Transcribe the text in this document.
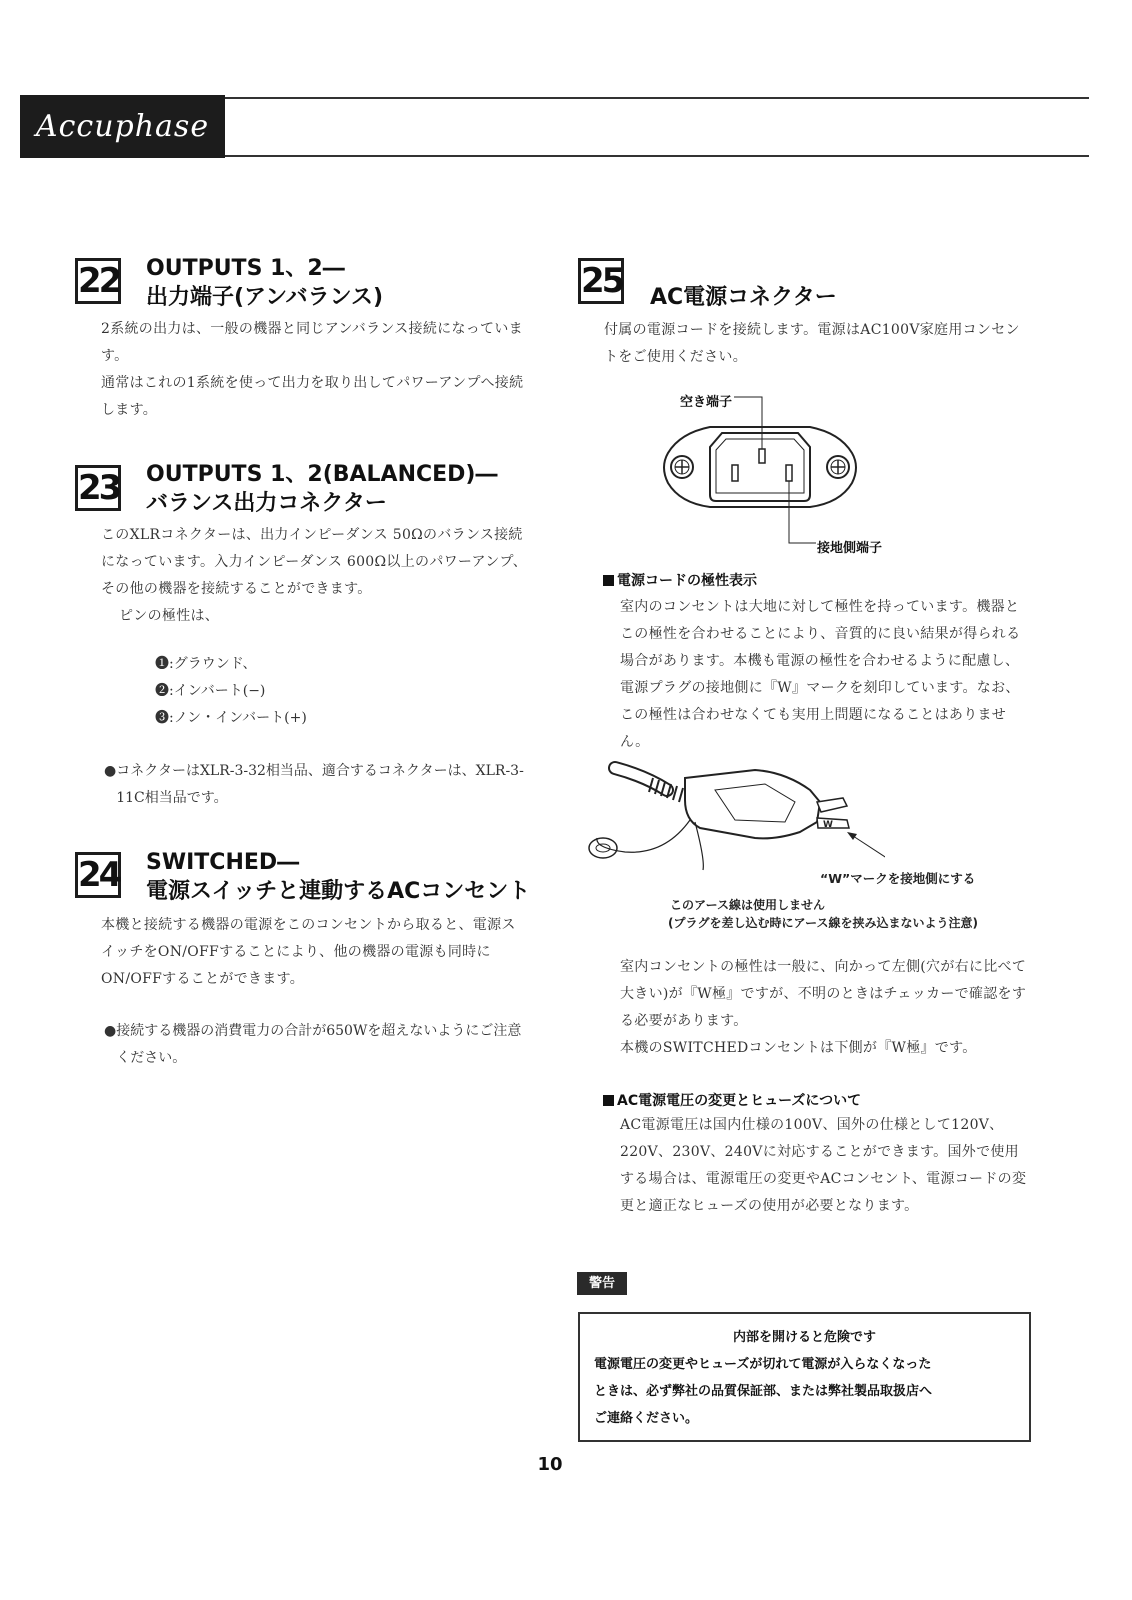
Accuphase
22 OUTPUTS 1、2―
出力端子(アンバランス)

2系統の出力は、一般の機器と同じアンバランス接続になっています。

通常はこれの1系統を使って出力を取り出してパワーアンプへ接続します。

23 OUTPUTS 1、2(BALANCED)―
バランス出力コネクター

このXLRコネクターは、出力インピーダンス 50Ωのバランス接続になっています。入力インピーダンス 600Ω以上のパワーアンプ、その他の機器を接続することができます。

ピンの極性は、

❶:グラウンド、
❷:インバート(−)
❸:ノン・インバート(+)
● コネクターはXLR-3-32相当品、適合するコネクターは、XLR-3-11C相当品です。
24 SWITCHED―
電源スイッチと連動するACコンセント

本機と接続する機器の電源をこのコンセントから取ると、電源スイッチをON/OFFすることにより、他の機器の電源も同時にON/OFFすることができます。

● 接続する機器の消費電力の合計が650Wを超えないようにご注意ください。
25 AC電源コネクター

付属の電源コードを接続します。電源はAC100V家庭用コンセントをご使用ください。

空き端子
接地側端子
電源コードの極性表示

室内のコンセントは大地に対して極性を持っています。機器とこの極性を合わせることにより、音質的に良い結果が得られる場合があります。本機も電源の極性を合わせるように配慮し、電源プラグの接地側に『W』マークを刻印しています。なお、この極性は合わせなくても実用上問題になることはありません。

W
“W”マークを接地側にする
このアース線は使用しません
(プラグを差し込む時にアース線を挟み込まないよう注意)

室内コンセントの極性は一般に、向かって左側(穴が右に比べて大きい)が『W極』ですが、不明のときはチェッカーで確認をする必要があります。

本機のSWITCHEDコンセントは下側が『W極』です。

AC電源電圧の変更とヒューズについて

AC電源電圧は国内仕様の100V、国外の仕様として120V、220V、230V、240Vに対応することができます。国外で使用する場合は、電源電圧の変更やACコンセント、電源コードの変更と適正なヒューズの使用が必要となります。

警告
内部を開けると危険です
電源電圧の変更やヒューズが切れて電源が入らなくなった
ときは、必ず弊社の品質保証部、または弊社製品取扱店へ
ご連絡ください。
10
